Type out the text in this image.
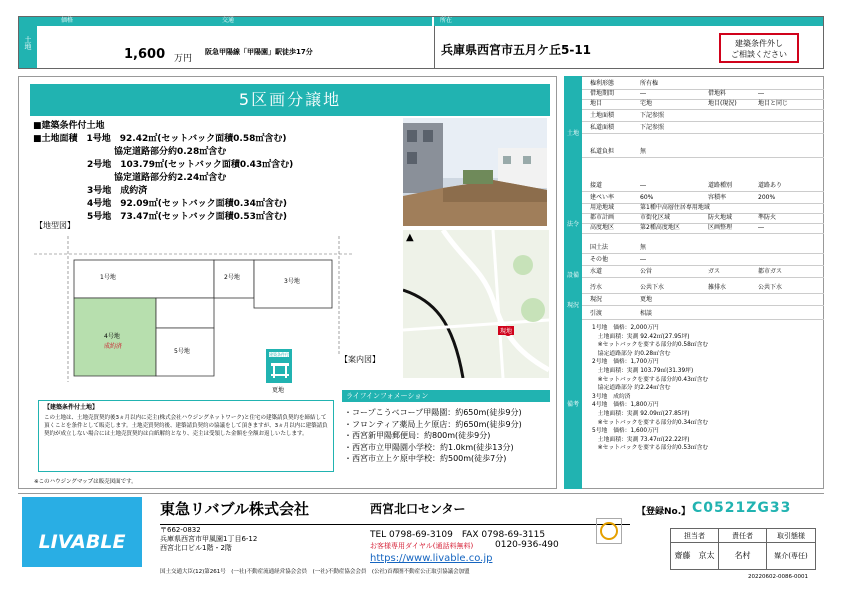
土地
価格	交通	所在
1,600 万円
阪急甲陽線「甲陽園」駅徒歩17分	兵庫県西宮市五月ケ丘5-11	建築条件外し
ご相談ください
5区画分譲地
■建築条件付土地
■土地面積　1号地　92.42㎡(セットバック面積0.58㎡含む)
　　　　　　　　　協定道路部分約0.28㎡含む
　　　　　　2号地　103.79㎡(セットバック面積0.43㎡含む)
　　　　　　　　　協定道路部分約2.24㎡含む
　　　　　　3号地　成約済
　　　　　　4号地　92.09㎡(セットバック面積0.34㎡含む)
　　　　　　5号地　73.47㎡(セットバック面積0.53㎡含む)
【地型図】
1号地	2号地
3号地
4号地
成約済
5号地	建築条件付土地
更地
▲
現地
【案内図】
ライフインフォメーション
・コープこうべコープ甲陽園：約650m(徒歩9分)
・フロンティア薬局上ケ原店：約650m(徒歩9分)
・西宮新甲陽郵便局：約800m(徒歩9分)
・西宮市立甲陽園小学校：約1.0km(徒歩13分)
・西宮市立上ケ原中学校：約500m(徒歩7分)
【建築条件付土地】
この土地は、土地売買契約後3ヵ月以内に売主(株式会社ハウジングネットワーク)と住宅の建築請負契約を締結して頂くことを条件として販売します。土地売買契約後、建築請負契約の協議をして頂きますが、3ヵ月以内に建築請負契約が成立しない場合には土地売買契約は白紙解約となり、売主は受領した金額を全額お返しいたします。
※このハウジングマップは販売図面です。
土地
法令
設備
現況
備考
権利形態	所有権
借地期間	―	借地料	―
地目	宅地	地目(現況)	地目と同じ
土地面積	下記参照
私道面積	下記参照
私道負担	無
接道	―	道路種別	道路あり
建ぺい率	60%	容積率	200%
用途地域	第1種中高層住居専用地域
都市計画	市街化区域	防火地域	準防火
高度地区	第2種高度地区	区画整理	―
国土法	無
その他	―
水道	公営	ガス	都市ガス
汚水	公共下水	雑排水	公共下水
現況	更地
引渡	相談
1号地　価格：2,000万円
　土地面積：実測 92.42㎡(27.95坪)
　※セットバックを要する部分約0.58㎡含む
　協定道路部分 約0.28㎡含む
2号地　価格：1,700万円
　土地面積：実測 103.79㎡(31.39坪)
　※セットバックを要する部分約0.43㎡含む
　協定道路部分 約2.24㎡含む
3号地　成約済
4号地　価格：1,800万円
　土地面積：実測 92.09㎡(27.85坪)
　※セットバックを要する部分約0.34㎡含む
5号地　価格：1,600万円
　土地面積：実測 73.47㎡(22.22坪)
　※セットバックを要する部分約0.53㎡含む
LIVABLE
東急リバブル株式会社	西宮北口センター
〒662-0832
兵庫県西宮市甲風園1丁目6-12
西宮北口ビル1階・2階
TEL 0798-69-3109　FAX 0798-69-3115
お客様専用ダイヤル(通話料無料) 0120-936-490
https://www.livable.co.jp
国土交通大臣(12)第261号　(一社)不動産流通経営協会会員　(一社)不動産協会会員　(公社)首都圏不動産公正取引協議会加盟
【登録No.】 C0521ZG33
担当者	責任者	取引態様
齋藤　京太	名村	媒介(専任)
20220602-0086-0001
